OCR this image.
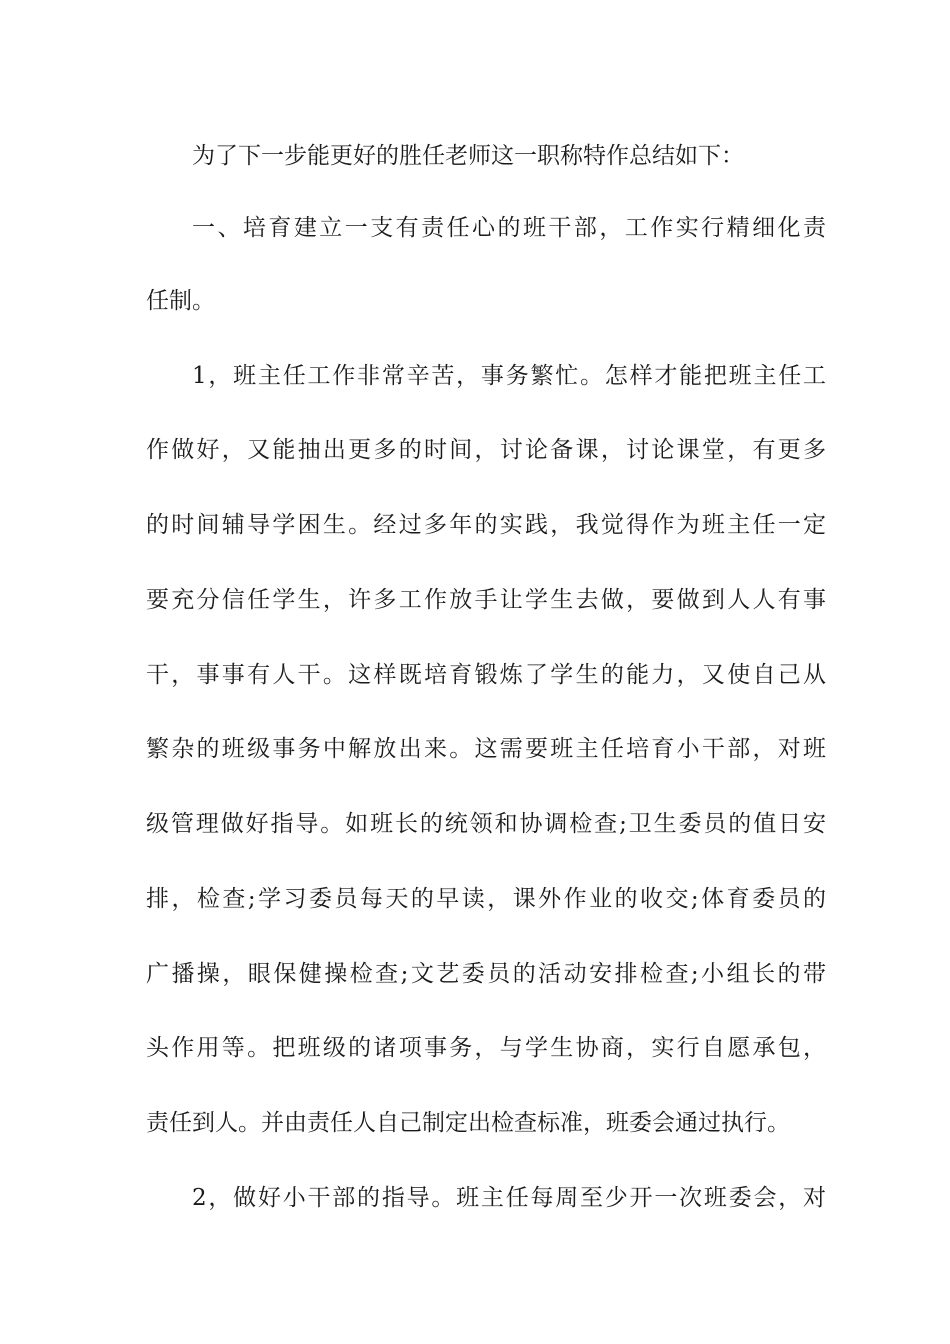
为了下一步能更好的胜任老师这一职称特作总结如下：

一、培育建立一支有责任心的班干部，工作实行精细化责

任制。

1，班主任工作非常辛苦，事务繁忙。怎样才能把班主任工

作做好，又能抽出更多的时间，讨论备课，讨论课堂，有更多

的时间辅导学困生。经过多年的实践，我觉得作为班主任一定

要充分信任学生，许多工作放手让学生去做，要做到人人有事

干，事事有人干。这样既培育锻炼了学生的能力，又使自己从

繁杂的班级事务中解放出来。这需要班主任培育小干部，对班

级管理做好指导。如班长的统领和协调检查;卫生委员的值日安

排，检查;学习委员每天的早读，课外作业的收交;体育委员的

广播操，眼保健操检查;文艺委员的活动安排检查;小组长的带

头作用等。把班级的诸项事务，与学生协商，实行自愿承包，

责任到人。并由责任人自己制定出检查标准，班委会通过执行。

2，做好小干部的指导。班主任每周至少开一次班委会，对
